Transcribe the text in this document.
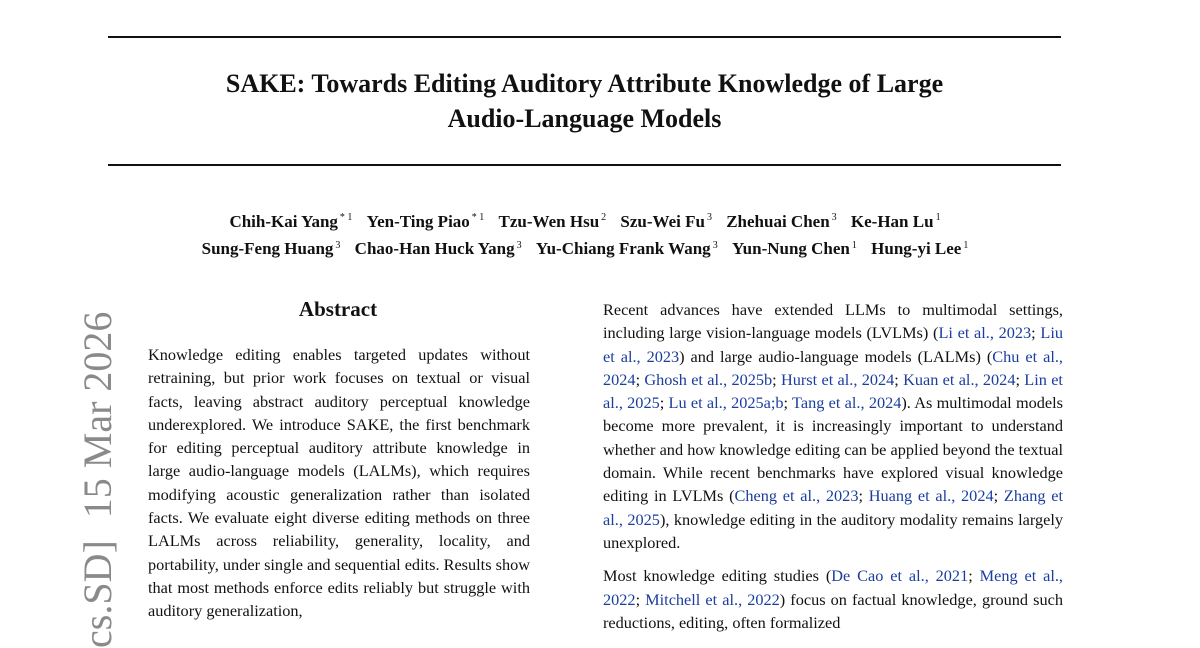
SAKE: Towards Editing Auditory Attribute Knowledge of Large
Audio-Language Models
Chih-Kai Yang $^{* 1}$ Yen-Ting Piao $^{* 1}$ Tzu-Wen Hsu $^2$ Szu-Wei Fu $^3$ Zhehuai Chen $^3$ Ke-Han Lu $^1$
Sung-Feng Huang $^3$ Chao-Han Huck Yang $^3$ Yu-Chiang Frank Wang $^3$ Yun-Nung Chen $^1$ Hung-yi Lee $^1$
cs.SD]15 Mar 2026
Abstract

Knowledge editing enables targeted updates without retraining, but prior work focuses on textual or visual facts, leaving abstract auditory perceptual knowledge underexplored. We introduce SAKE, the first benchmark for editing perceptual auditory attribute knowledge in large audio-language models (LALMs), which requires modifying acoustic generalization rather than isolated facts. We evaluate eight diverse editing methods on three LALMs across reliability, generality, locality, and portability, under single and sequential edits. Results show that most methods enforce edits reliably but struggle with auditory generalization,

Recent advances have extended LLMs to multimodal settings, including large vision-language models (LVLMs) (Li et al., 2023; Liu et al., 2023) and large audio-language models (LALMs) (Chu et al., 2024; Ghosh et al., 2025b; Hurst et al., 2024; Kuan et al., 2024; Lin et al., 2025; Lu et al., 2025a;b; Tang et al., 2024). As multimodal models become more prevalent, it is increasingly important to understand whether and how knowledge editing can be applied beyond the textual domain. While recent benchmarks have explored visual knowledge editing in LVLMs (Cheng et al., 2023; Huang et al., 2024; Zhang et al., 2025), knowledge editing in the auditory modality remains largely unexplored.

Most knowledge editing studies (De Cao et al., 2021; Meng et al., 2022; Mitchell et al., 2022) focus on factual knowledge, ground such reductions, editing, often formalized
